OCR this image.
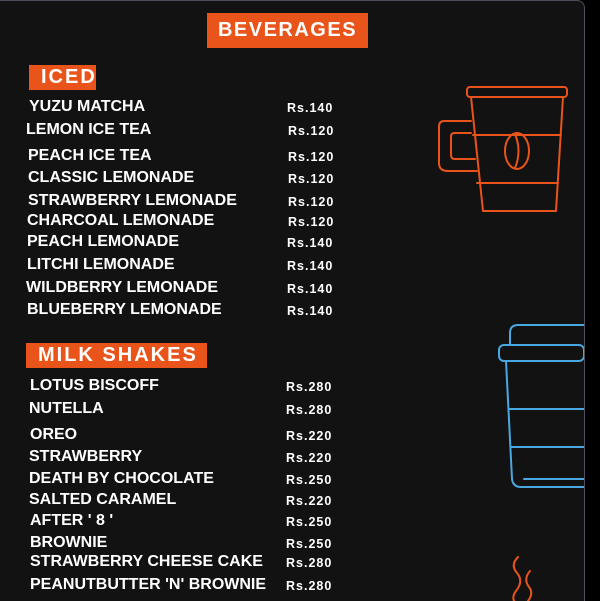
BEVERAGES
ICED
YUZU MATCHA	Rs.140
LEMON ICE TEA	Rs.120
PEACH ICE TEA	Rs.120
CLASSIC LEMONADE	Rs.120
STRAWBERRY LEMONADE	Rs.120
CHARCOAL LEMONADE	Rs.120
PEACH LEMONADE	Rs.140
LITCHI LEMONADE	Rs.140
WILDBERRY LEMONADE	Rs.140
BLUEBERRY LEMONADE	Rs.140
MILK SHAKES
LOTUS BISCOFF	Rs.280
NUTELLA	Rs.280
OREO	Rs.220
STRAWBERRY	Rs.220
DEATH BY CHOCOLATE	Rs.250
SALTED CARAMEL	Rs.220
AFTER ' 8 '	Rs.250
BROWNIE	Rs.250
STRAWBERRY CHEESE CAKE Rs.280
PEANUTBUTTER 'N' BROWNIE Rs.280
